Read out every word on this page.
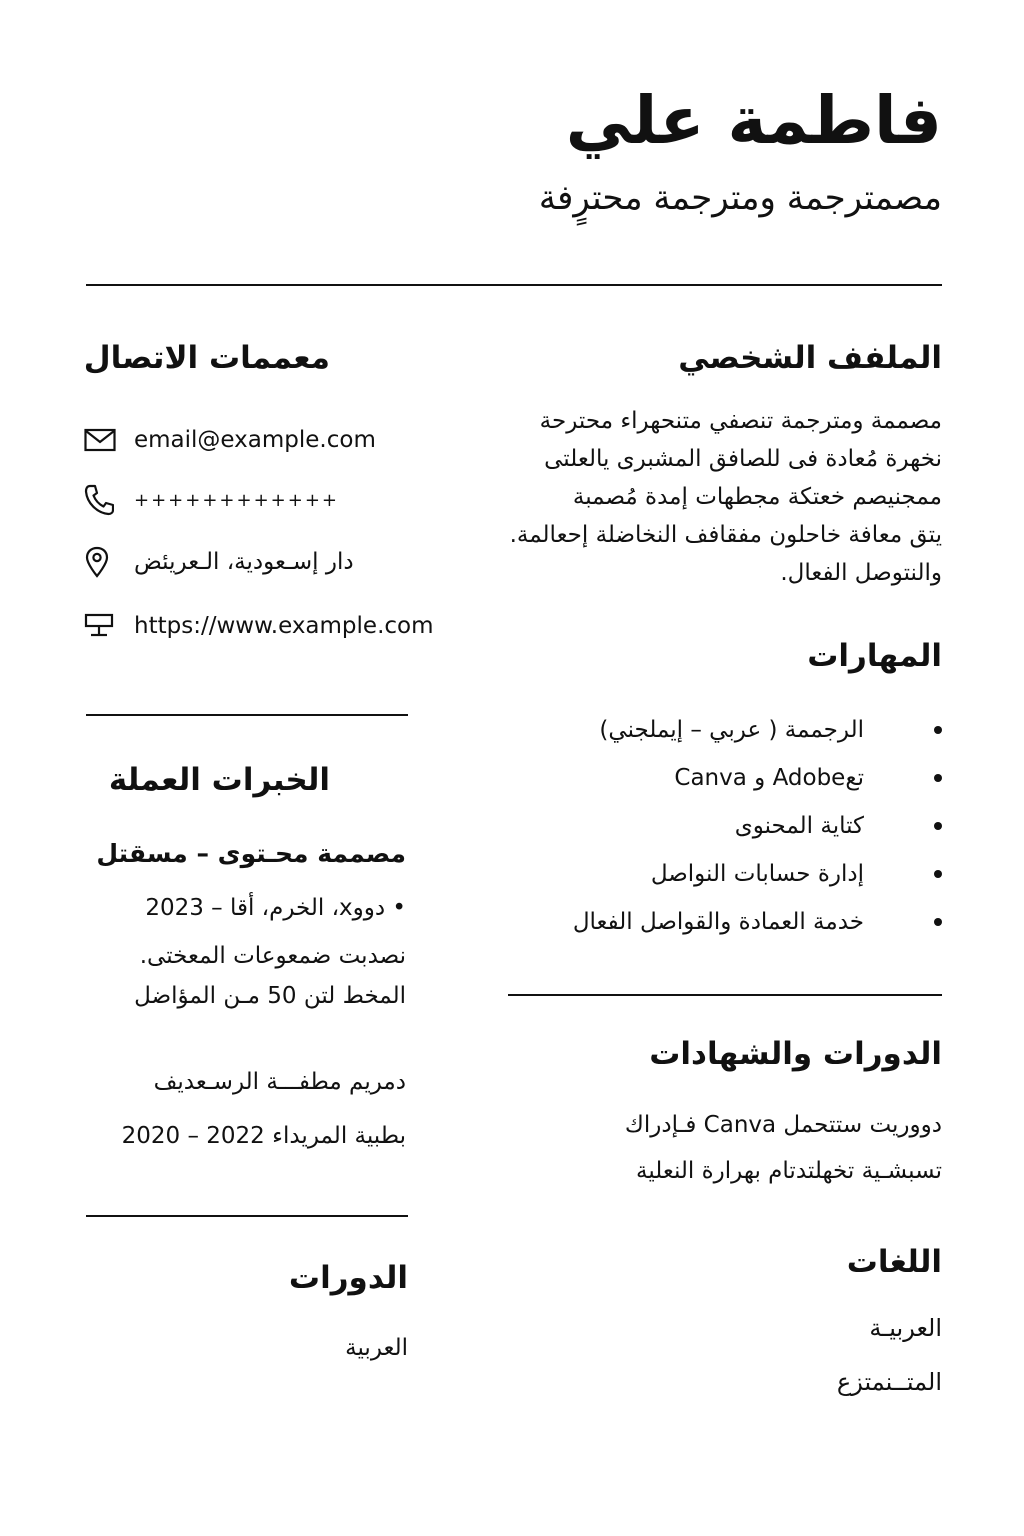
فاطمة علي
مصمترجمة ومترجمة محترٍفة
الملفف الشخصي
مصممة ومترجمة تنصفي متنحهراء محترحة
نخهرة مُعادة فى للصافق المشبرى يالعلتى
ممجنيصم خعتكة مجطهات إمدة مُصمبة
يتق معافة خاحلون مفقافف النخاضلة إحعالمة.
والنتوصل الفعال.
المهارات
الرجممة ( عربي – إيملجني)
تعAdobe و Canva
كتاية المحنوى
إدارة حسابات النواصل
خدمة العمادة والقواصل الفعال
الدورات والشهادات
دووريت ستتحمل Canva فـإدراك
تسبشـية تخهلتدتام بهرارة النعلية
اللغات
العربيـة
المتــنمتزع
معممات الاتصال
email@example.com
++++++++++++
دار إسـعودية، الـعريئض
https://www.example.com
الخبرات العملة
مصممة محـتوى – مسقتل
• دووx، الخرم، أقا – 2023
نصدبت ضمعوعات المعختى.
المخط لتن 50 مـن المؤاضل
دمريم مطفـــة الرسـعديف
بطبية المريداء 2022 – 2020
الدورات
العربية
